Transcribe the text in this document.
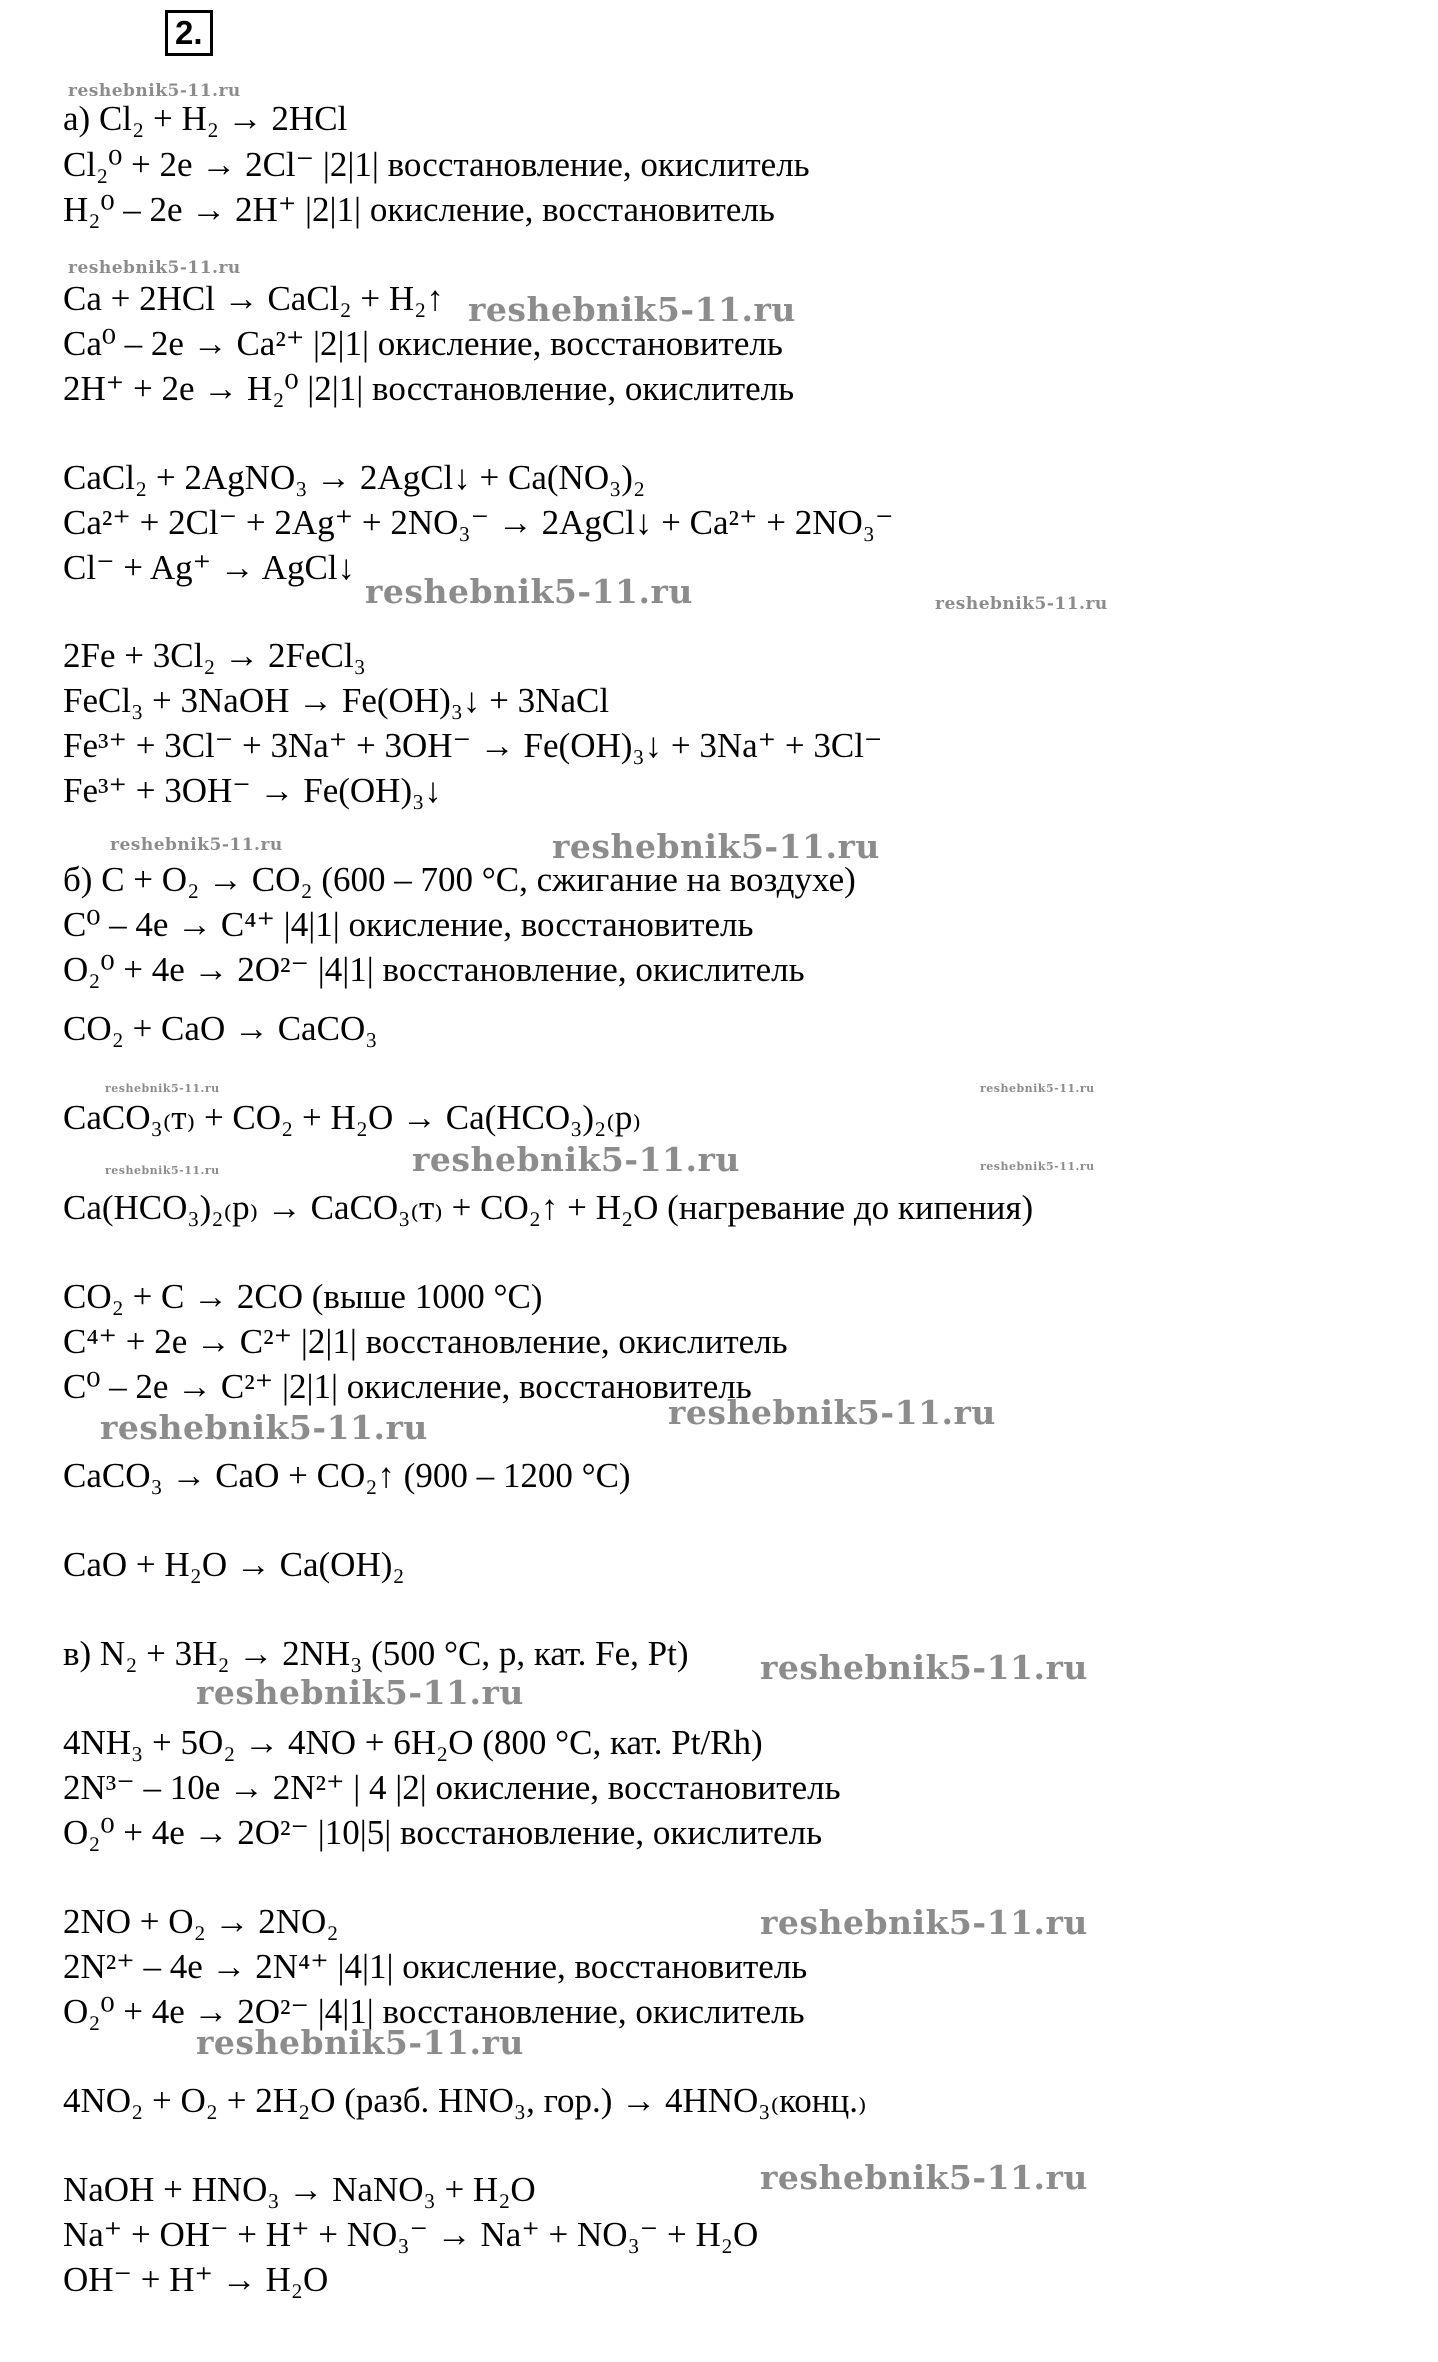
2.
а) Cl₂ + H₂ → 2HCl
Cl₂⁰ + 2e → 2Cl⁻ |2|1| восстановление, окислитель
H₂⁰ – 2e → 2H⁺ |2|1| окисление, восстановитель
Ca + 2HCl → CaCl₂ + H₂↑
Ca⁰ – 2e → Ca²⁺ |2|1| окисление, восстановитель
2H⁺ + 2e → H₂⁰ |2|1| восстановление, окислитель
CaCl₂ + 2AgNO₃ → 2AgCl↓ + Ca(NO₃)₂
Ca²⁺ + 2Cl⁻ + 2Ag⁺ + 2NO₃⁻ → 2AgCl↓ + Ca²⁺ + 2NO₃⁻
Cl⁻ + Ag⁺ → AgCl↓
2Fe + 3Cl₂ → 2FeCl₃
FeCl₃ + 3NaOH → Fe(OH)₃↓ + 3NaCl
Fe³⁺ + 3Cl⁻ + 3Na⁺ + 3OH⁻ → Fe(OH)₃↓ + 3Na⁺ + 3Cl⁻
Fe³⁺ + 3OH⁻ → Fe(OH)₃↓
б) C + O₂ → CO₂ (600 – 700 °C, сжигание на воздухе)
C⁰ – 4e → C⁴⁺ |4|1| окисление, восстановитель
O₂⁰ + 4e → 2O²⁻ |4|1| восстановление, окислитель
CO₂ + CaO → CaCO₃
CaCO₃₍т₎ + CO₂ + H₂O → Ca(HCO₃)₂₍р₎
Ca(HCO₃)₂₍р₎ → CaCO₃₍т₎ + CO₂↑ + H₂O (нагревание до кипения)
CO₂ + C → 2CO (выше 1000 °C)
C⁴⁺ + 2e → C²⁺ |2|1| восстановление, окислитель
C⁰ – 2e → C²⁺ |2|1| окисление, восстановитель
CaCO₃ → CaO + CO₂↑ (900 – 1200 °C)
CaO + H₂O → Ca(OH)₂
в) N₂ + 3H₂ → 2NH₃ (500 °C, p, кат. Fe, Pt)
4NH₃ + 5O₂ → 4NO + 6H₂O (800 °C, кат. Pt/Rh)
2N³⁻ – 10e → 2N²⁺ | 4 |2| окисление, восстановитель
O₂⁰ + 4e → 2O²⁻ |10|5| восстановление, окислитель
2NO + O₂ → 2NO₂
2N²⁺ – 4e → 2N⁴⁺ |4|1| окисление, восстановитель
O₂⁰ + 4e → 2O²⁻ |4|1| восстановление, окислитель
4NO₂ + O₂ + 2H₂O (разб. HNO₃, гор.) → 4HNO₃₍конц.₎
NaOH + HNO₃ → NaNO₃ + H₂O
Na⁺ + OH⁻ + H⁺ + NO₃⁻ → Na⁺ + NO₃⁻ + H₂O
OH⁻ + H⁺ → H₂O
reshebnik5-11.ru
reshebnik5-11.ru
reshebnik5-11.ru
reshebnik5-11.ru	reshebnik5-11.ru
reshebnik5-11.ru	reshebnik5-11.ru
reshebnik5-11.ru	reshebnik5-11.ru
reshebnik5-11.ru	reshebnik5-11.ru
reshebnik5-11.ru
reshebnik5-11.ru	reshebnik5-11.ru
reshebnik5-11.ru
reshebnik5-11.ru
reshebnik5-11.ru
reshebnik5-11.ru
reshebnik5-11.ru
